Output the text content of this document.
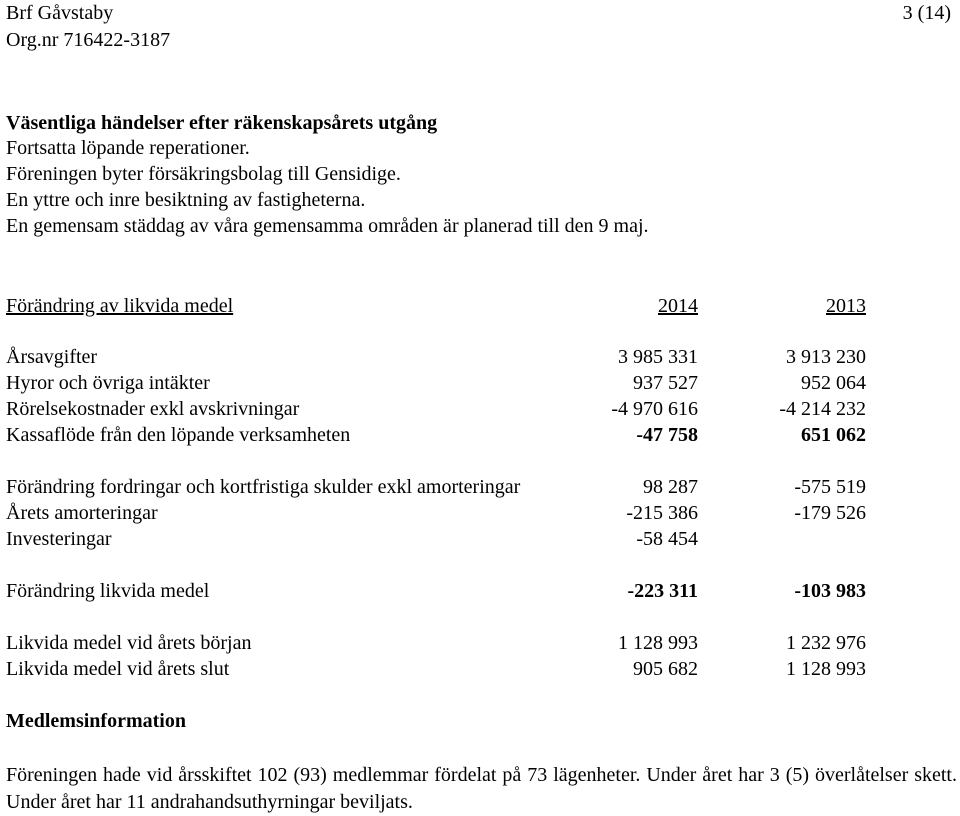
Brf Gåvstaby
Org.nr 716422-3187
3 (14)
Väsentliga händelser efter räkenskapsårets utgång
Fortsatta löpande reperationer.
Föreningen byter försäkringsbolag till Gensidige.
En yttre och inre besiktning av fastigheterna.
En gemensam städdag av våra gemensamma områden är planerad till den 9 maj.
Förändring av likvida medel	2014	2013
Årsavgifter	3 985 331	3 913 230
Hyror och övriga intäkter	937 527	952 064
Rörelsekostnader exkl avskrivningar	-4 970 616	-4 214 232
Kassaflöde från den löpande verksamheten	-47 758	651 062
Förändring fordringar och kortfristiga skulder exkl amorteringar	98 287	-575 519
Årets amorteringar	-215 386	-179 526
Investeringar	-58 454
Förändring likvida medel	-223 311	-103 983
Likvida medel vid årets början	1 128 993	1 232 976
Likvida medel vid årets slut	905 682	1 128 993
Medlemsinformation
Föreningen hade vid årsskiftet 102 (93) medlemmar fördelat på 73 lägenheter. Under året har 3 (5) överlåtelser skett. Under året har 11 andrahandsuthyrningar beviljats.
